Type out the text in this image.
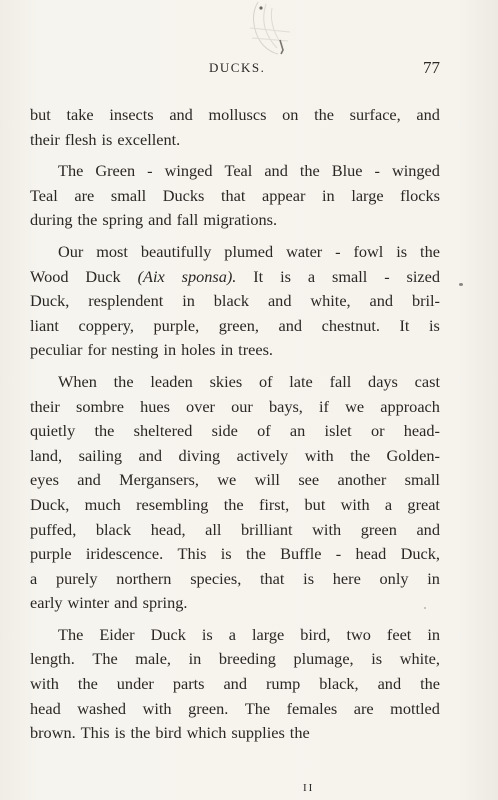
DUCKS.	77
but take insects and molluscs on the surface, and
their flesh is excellent.
The Green - winged Teal and the Blue - winged
Teal are small Ducks that appear in large flocks
during the spring and fall migrations.
Our most beautifully plumed water - fowl is the
Wood Duck (Aix sponsa). It is a small - sized
Duck, resplendent in black and white, and bril-
liant coppery, purple, green, and chestnut. It is
peculiar for nesting in holes in trees.
When the leaden skies of late fall days cast
their sombre hues over our bays, if we approach
quietly the sheltered side of an islet or head-
land, sailing and diving actively with the Golden-
eyes and Mergansers, we will see another small
Duck, much resembling the first, but with a great
puffed, black head, all brilliant with green and
purple iridescence. This is the Buffle - head Duck,
a purely northern species, that is here only in
early winter and spring.
The Eider Duck is a large bird, two feet in
length. The male, in breeding plumage, is white,
with the under parts and rump black, and the
head washed with green. The females are mottled
brown. This is the bird which supplies the
II
